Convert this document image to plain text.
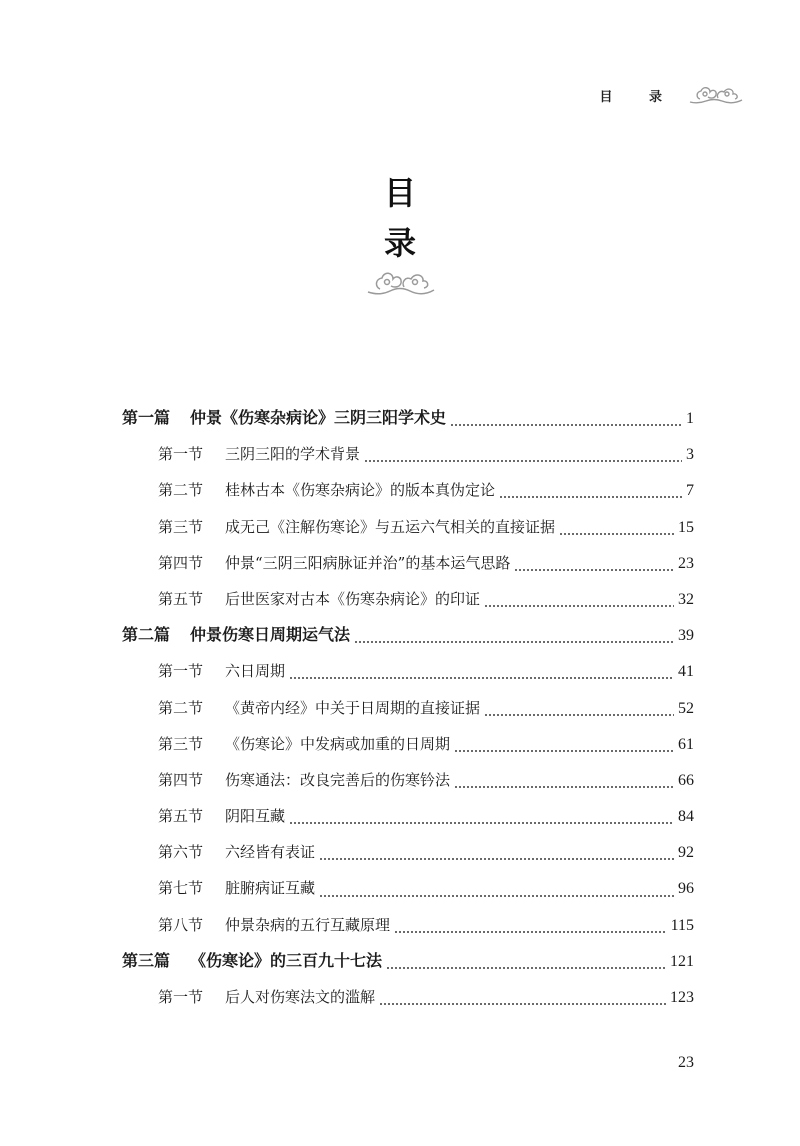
目 录
目
录
第一篇 仲景《伤寒杂病论》三阴三阳学术史	1
第一节 三阴三阳的学术背景	3
第二节 桂林古本《伤寒杂病论》的版本真伪定论	7
第三节 成无己《注解伤寒论》与五运六气相关的直接证据	15
第四节 仲景“三阴三阳病脉证并治”的基本运气思路	23
第五节 后世医家对古本《伤寒杂病论》的印证	32
第二篇 仲景伤寒日周期运气法	39
第一节 六日周期	41
第二节 《黄帝内经》中关于日周期的直接证据	52
第三节 《伤寒论》中发病或加重的日周期	61
第四节 伤寒通法：改良完善后的伤寒钤法	66
第五节 阴阳互藏	84
第六节 六经皆有表证	92
第七节 脏腑病证互藏	96
第八节 仲景杂病的五行互藏原理	115
第三篇 《伤寒论》的三百九十七法	121
第一节 后人对伤寒法文的滥解	123
23
